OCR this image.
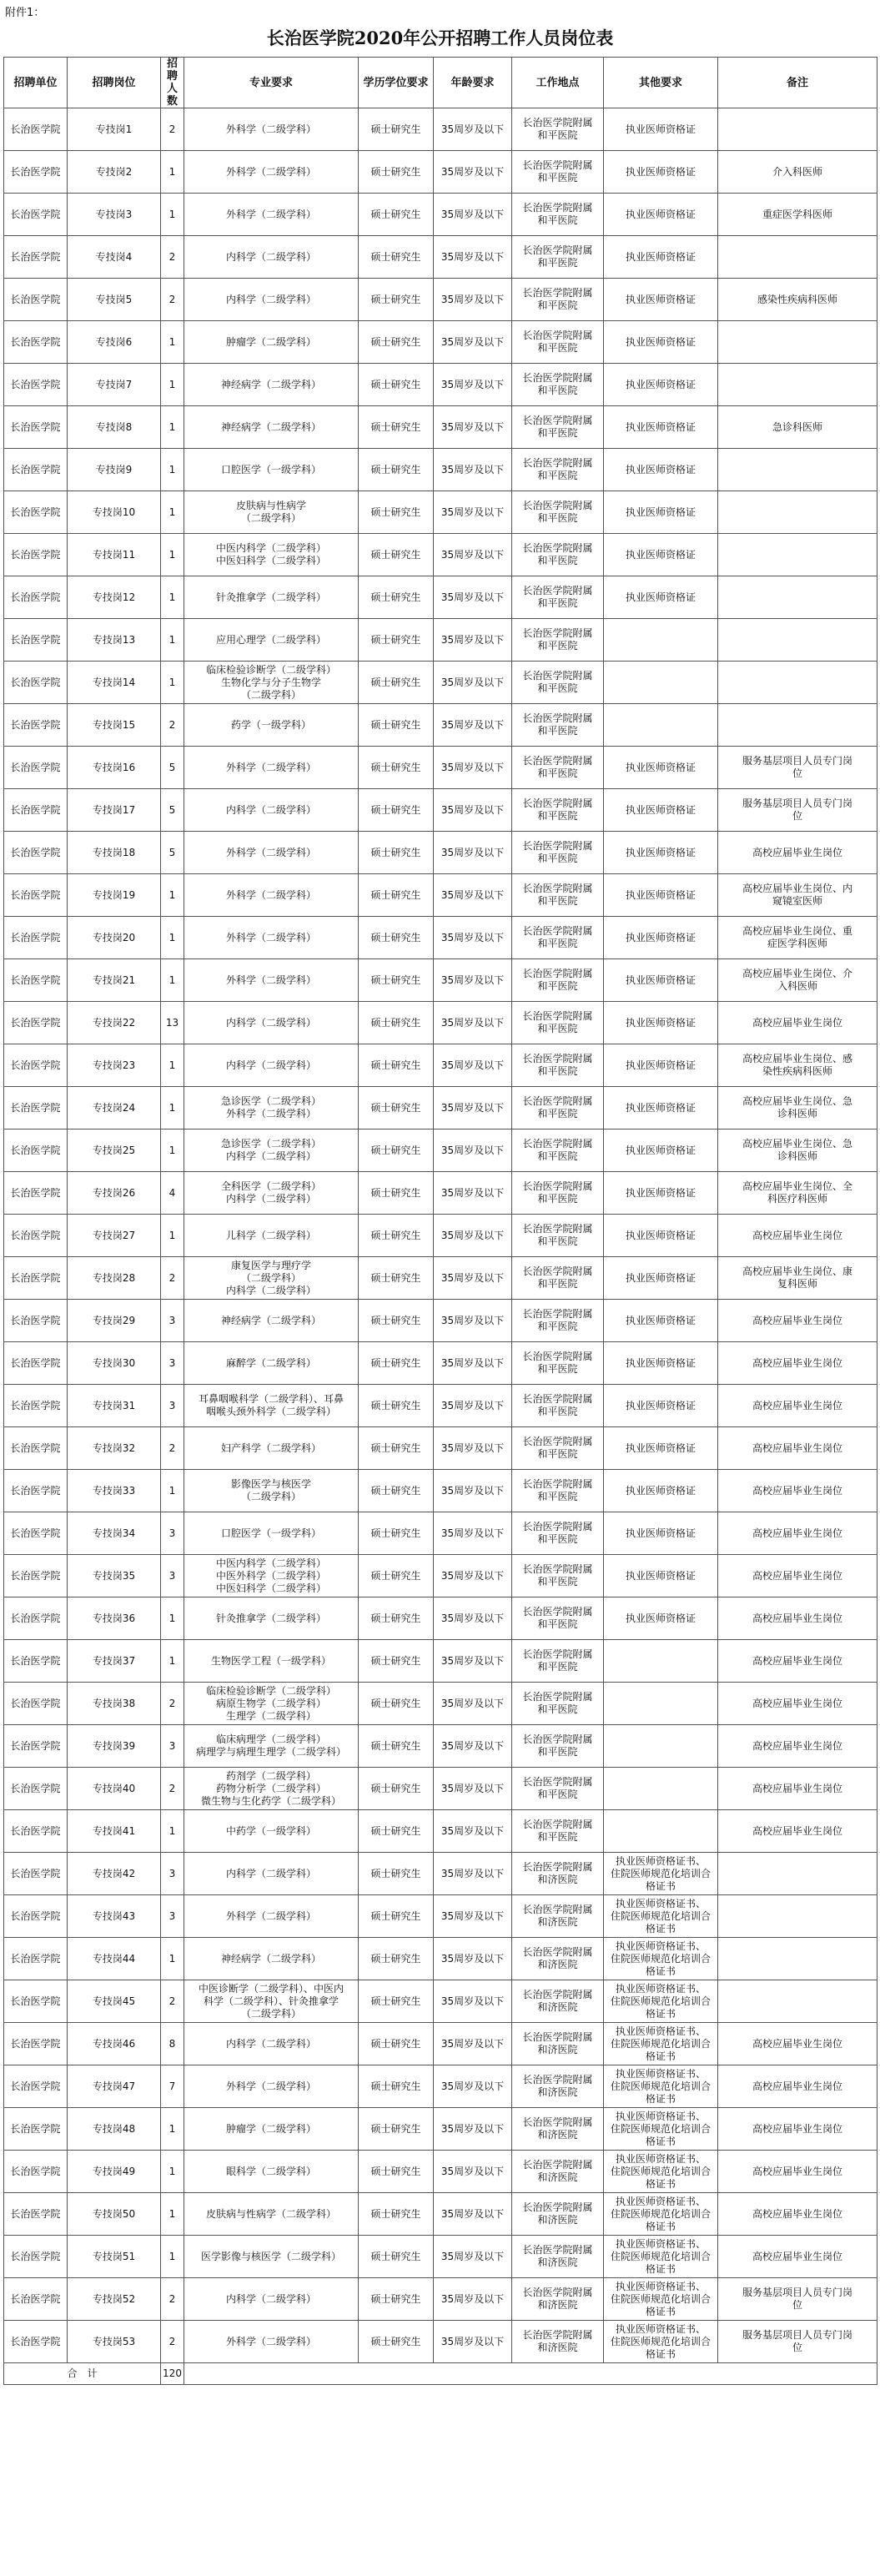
附件1：
长治医学院2020年公开招聘工作人员岗位表
招聘单位	招聘岗位	招聘
人数	专业要求	学历学位要求	年龄要求	工作地点	其他要求	备注
长治医学院	专技岗1	2	外科学（二级学科）	硕士研究生	35周岁及以下	长治医学院附属
和平医院	执业医师资格证	
长治医学院	专技岗2	1	外科学（二级学科）	硕士研究生	35周岁及以下	长治医学院附属
和平医院	执业医师资格证	介入科医师
长治医学院	专技岗3	1	外科学（二级学科）	硕士研究生	35周岁及以下	长治医学院附属
和平医院	执业医师资格证	重症医学科医师
长治医学院	专技岗4	2	内科学（二级学科）	硕士研究生	35周岁及以下	长治医学院附属
和平医院	执业医师资格证	
长治医学院	专技岗5	2	内科学（二级学科）	硕士研究生	35周岁及以下	长治医学院附属
和平医院	执业医师资格证	感染性疾病科医师
长治医学院	专技岗6	1	肿瘤学（二级学科）	硕士研究生	35周岁及以下	长治医学院附属
和平医院	执业医师资格证	
长治医学院	专技岗7	1	神经病学（二级学科）	硕士研究生	35周岁及以下	长治医学院附属
和平医院	执业医师资格证	
长治医学院	专技岗8	1	神经病学（二级学科）	硕士研究生	35周岁及以下	长治医学院附属
和平医院	执业医师资格证	急诊科医师
长治医学院	专技岗9	1	口腔医学（一级学科）	硕士研究生	35周岁及以下	长治医学院附属
和平医院	执业医师资格证	
长治医学院	专技岗10	1	皮肤病与性病学
（二级学科）	硕士研究生	35周岁及以下	长治医学院附属
和平医院	执业医师资格证	
长治医学院	专技岗11	1	中医内科学（二级学科）
中医妇科学（二级学科）	硕士研究生	35周岁及以下	长治医学院附属
和平医院	执业医师资格证	
长治医学院	专技岗12	1	针灸推拿学（二级学科）	硕士研究生	35周岁及以下	长治医学院附属
和平医院	执业医师资格证	
长治医学院	专技岗13	1	应用心理学（二级学科）	硕士研究生	35周岁及以下	长治医学院附属
和平医院		
长治医学院	专技岗14	1	临床检验诊断学（二级学科）
生物化学与分子生物学
（二级学科）	硕士研究生	35周岁及以下	长治医学院附属
和平医院		
长治医学院	专技岗15	2	药学（一级学科）	硕士研究生	35周岁及以下	长治医学院附属
和平医院		
长治医学院	专技岗16	5	外科学（二级学科）	硕士研究生	35周岁及以下	长治医学院附属
和平医院	执业医师资格证	服务基层项目人员专门岗
位
长治医学院	专技岗17	5	内科学（二级学科）	硕士研究生	35周岁及以下	长治医学院附属
和平医院	执业医师资格证	服务基层项目人员专门岗
位
长治医学院	专技岗18	5	外科学（二级学科）	硕士研究生	35周岁及以下	长治医学院附属
和平医院	执业医师资格证	高校应届毕业生岗位
长治医学院	专技岗19	1	外科学（二级学科）	硕士研究生	35周岁及以下	长治医学院附属
和平医院	执业医师资格证	高校应届毕业生岗位、内
窥镜室医师
长治医学院	专技岗20	1	外科学（二级学科）	硕士研究生	35周岁及以下	长治医学院附属
和平医院	执业医师资格证	高校应届毕业生岗位、重
症医学科医师
长治医学院	专技岗21	1	外科学（二级学科）	硕士研究生	35周岁及以下	长治医学院附属
和平医院	执业医师资格证	高校应届毕业生岗位、介
入科医师
长治医学院	专技岗22	13	内科学（二级学科）	硕士研究生	35周岁及以下	长治医学院附属
和平医院	执业医师资格证	高校应届毕业生岗位
长治医学院	专技岗23	1	内科学（二级学科）	硕士研究生	35周岁及以下	长治医学院附属
和平医院	执业医师资格证	高校应届毕业生岗位、感
染性疾病科医师
长治医学院	专技岗24	1	急诊医学（二级学科）
外科学（二级学科）	硕士研究生	35周岁及以下	长治医学院附属
和平医院	执业医师资格证	高校应届毕业生岗位、急
诊科医师
长治医学院	专技岗25	1	急诊医学（二级学科）
内科学（二级学科）	硕士研究生	35周岁及以下	长治医学院附属
和平医院	执业医师资格证	高校应届毕业生岗位、急
诊科医师
长治医学院	专技岗26	4	全科医学（二级学科）
内科学（二级学科）	硕士研究生	35周岁及以下	长治医学院附属
和平医院	执业医师资格证	高校应届毕业生岗位、全
科医疗科医师
长治医学院	专技岗27	1	儿科学（二级学科）	硕士研究生	35周岁及以下	长治医学院附属
和平医院	执业医师资格证	高校应届毕业生岗位
长治医学院	专技岗28	2	康复医学与理疗学
（二级学科）
内科学（二级学科）	硕士研究生	35周岁及以下	长治医学院附属
和平医院	执业医师资格证	高校应届毕业生岗位、康
复科医师
长治医学院	专技岗29	3	神经病学（二级学科）	硕士研究生	35周岁及以下	长治医学院附属
和平医院	执业医师资格证	高校应届毕业生岗位
长治医学院	专技岗30	3	麻醉学（二级学科）	硕士研究生	35周岁及以下	长治医学院附属
和平医院	执业医师资格证	高校应届毕业生岗位
长治医学院	专技岗31	3	耳鼻咽喉科学（二级学科）、耳鼻
咽喉头颈外科学（二级学科）	硕士研究生	35周岁及以下	长治医学院附属
和平医院	执业医师资格证	高校应届毕业生岗位
长治医学院	专技岗32	2	妇产科学（二级学科）	硕士研究生	35周岁及以下	长治医学院附属
和平医院	执业医师资格证	高校应届毕业生岗位
长治医学院	专技岗33	1	影像医学与核医学
（二级学科）	硕士研究生	35周岁及以下	长治医学院附属
和平医院	执业医师资格证	高校应届毕业生岗位
长治医学院	专技岗34	3	口腔医学（一级学科）	硕士研究生	35周岁及以下	长治医学院附属
和平医院	执业医师资格证	高校应届毕业生岗位
长治医学院	专技岗35	3	中医内科学（二级学科）
中医外科学（二级学科）
中医妇科学（二级学科）	硕士研究生	35周岁及以下	长治医学院附属
和平医院	执业医师资格证	高校应届毕业生岗位
长治医学院	专技岗36	1	针灸推拿学（二级学科）	硕士研究生	35周岁及以下	长治医学院附属
和平医院	执业医师资格证	高校应届毕业生岗位
长治医学院	专技岗37	1	生物医学工程（一级学科）	硕士研究生	35周岁及以下	长治医学院附属
和平医院		高校应届毕业生岗位
长治医学院	专技岗38	2	临床检验诊断学（二级学科）
病原生物学（二级学科）
生理学（二级学科）	硕士研究生	35周岁及以下	长治医学院附属
和平医院		高校应届毕业生岗位
长治医学院	专技岗39	3	临床病理学（二级学科）
病理学与病理生理学（二级学科）	硕士研究生	35周岁及以下	长治医学院附属
和平医院		高校应届毕业生岗位
长治医学院	专技岗40	2	药剂学（二级学科）
药物分析学（二级学科）
微生物与生化药学（二级学科）	硕士研究生	35周岁及以下	长治医学院附属
和平医院		高校应届毕业生岗位
长治医学院	专技岗41	1	中药学（一级学科）	硕士研究生	35周岁及以下	长治医学院附属
和平医院		高校应届毕业生岗位
长治医学院	专技岗42	3	内科学（二级学科）	硕士研究生	35周岁及以下	长治医学院附属
和济医院	执业医师资格证书、
住院医师规范化培训合
格证书	
长治医学院	专技岗43	3	外科学（二级学科）	硕士研究生	35周岁及以下	长治医学院附属
和济医院	执业医师资格证书、
住院医师规范化培训合
格证书	
长治医学院	专技岗44	1	神经病学（二级学科）	硕士研究生	35周岁及以下	长治医学院附属
和济医院	执业医师资格证书、
住院医师规范化培训合
格证书	
长治医学院	专技岗45	2	中医诊断学（二级学科）、中医内
科学（二级学科）、针灸推拿学
（二级学科）	硕士研究生	35周岁及以下	长治医学院附属
和济医院	执业医师资格证书、
住院医师规范化培训合
格证书	
长治医学院	专技岗46	8	内科学（二级学科）	硕士研究生	35周岁及以下	长治医学院附属
和济医院	执业医师资格证书、
住院医师规范化培训合
格证书	高校应届毕业生岗位
长治医学院	专技岗47	7	外科学（二级学科）	硕士研究生	35周岁及以下	长治医学院附属
和济医院	执业医师资格证书、
住院医师规范化培训合
格证书	高校应届毕业生岗位
长治医学院	专技岗48	1	肿瘤学（二级学科）	硕士研究生	35周岁及以下	长治医学院附属
和济医院	执业医师资格证书、
住院医师规范化培训合
格证书	高校应届毕业生岗位
长治医学院	专技岗49	1	眼科学（二级学科）	硕士研究生	35周岁及以下	长治医学院附属
和济医院	执业医师资格证书、
住院医师规范化培训合
格证书	高校应届毕业生岗位
长治医学院	专技岗50	1	皮肤病与性病学（二级学科）	硕士研究生	35周岁及以下	长治医学院附属
和济医院	执业医师资格证书、
住院医师规范化培训合
格证书	高校应届毕业生岗位
长治医学院	专技岗51	1	医学影像与核医学（二级学科）	硕士研究生	35周岁及以下	长治医学院附属
和济医院	执业医师资格证书、
住院医师规范化培训合
格证书	高校应届毕业生岗位
长治医学院	专技岗52	2	内科学（二级学科）	硕士研究生	35周岁及以下	长治医学院附属
和济医院	执业医师资格证书、
住院医师规范化培训合
格证书	服务基层项目人员专门岗
位
长治医学院	专技岗53	2	外科学（二级学科）	硕士研究生	35周岁及以下	长治医学院附属
和济医院	执业医师资格证书、
住院医师规范化培训合
格证书	服务基层项目人员专门岗
位
合　计		120						
